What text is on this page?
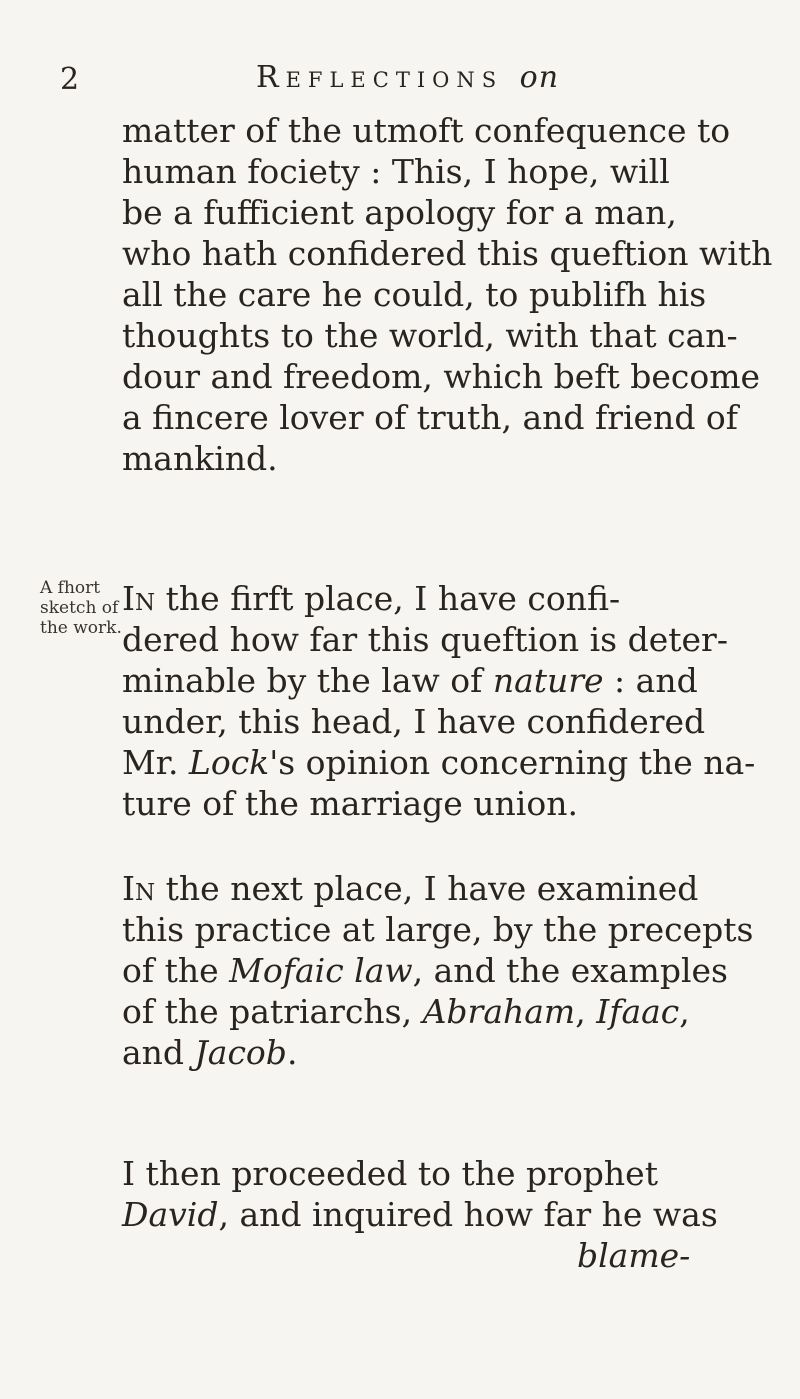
2	Reflections on
matter of the utmoft confequence to
human fociety : This, I hope, will
be a fufficient apology for a man,
who hath confidered this queftion with
all the care he could, to publifh his
thoughts to the world, with that can-
dour and freedom, which beft become
a fincere lover of truth, and friend of
mankind.
A fhort
sketch of
the work.
In the firft place, I have confi-
dered how far this queftion is deter-
minable by the law of nature : and
under, this head, I have confidered
Mr. Lock's opinion concerning the na-
ture of the marriage union.
In the next place, I have examined
this practice at large, by the precepts
of the Mofaic law, and the examples
of the patriarchs, Abraham, Ifaac,
and Jacob.
I then proceeded to the prophet
David, and inquired how far he was
blame-
